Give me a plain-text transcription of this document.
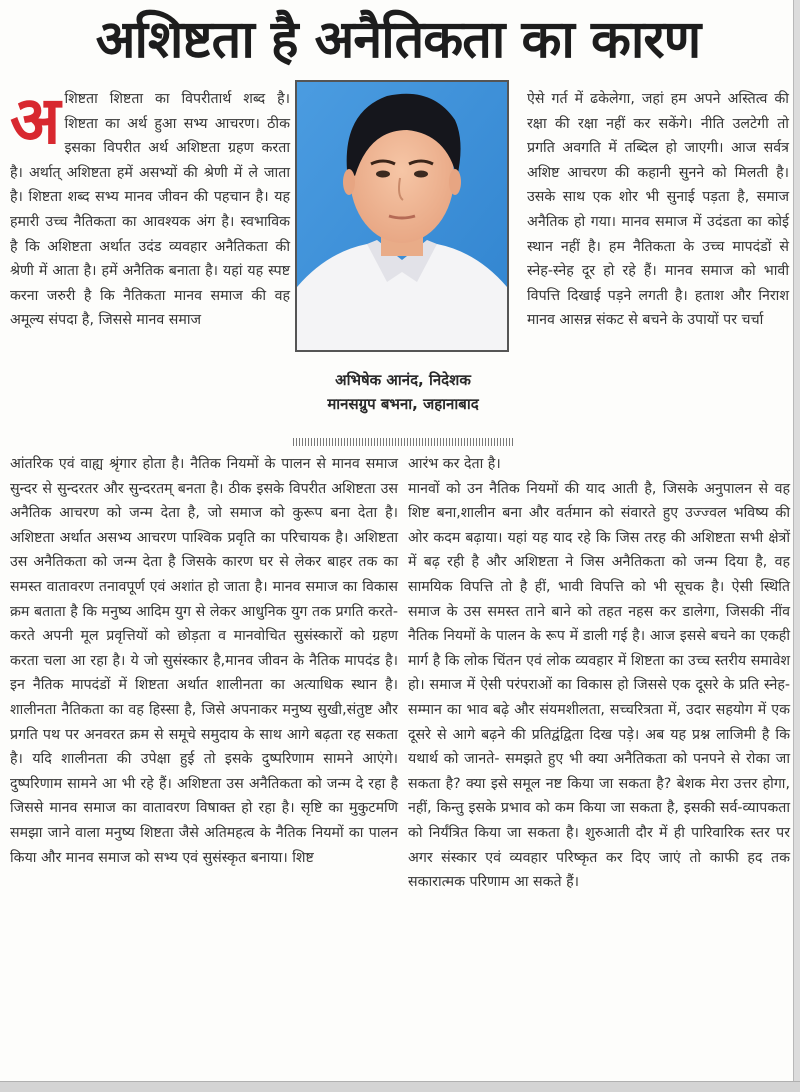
अशिष्टता है अनैतिकता का कारण

अ शिष्टता शिष्टता का विपरीतार्थ शब्द है। शिष्टता का अर्थ हुआ सभ्य आचरण। ठीक इसका विपरीत अर्थ अशिष्टता ग्रहण करता है। अर्थात् अशिष्टता हमें असभ्यों की श्रेणी में ले जाता है। शिष्टता शब्द सभ्य मानव जीवन की पहचान है। यह हमारी उच्च नैतिकता का आवश्यक अंग है। स्वभाविक है कि अशिष्टता अर्थात उदंड व्यवहार अनैतिकता की श्रेणी में आता है। हमें अनैतिक बनाता है। यहां यह स्पष्ट करना जरुरी है कि नैतिकता मानव समाज की वह अमूल्य संपदा है, जिससे मानव समाज

अभिषेक आनंद, निदेशक
मानसग्रुप बभना, जहानाबाद

ऐसे गर्त में ढकेलेगा, जहां हम अपने अस्तित्व की रक्षा की रक्षा नहीं कर सकेंगे। नीति उलटेगी तो प्रगति अवगति में तब्दिल हो जाएगी। आज सर्वत्र अशिष्ट आचरण की कहानी सुनने को मिलती है। उसके साथ एक शोर भी सुनाई पड़ता है, समाज अनैतिक हो गया। मानव समाज में उदंडता का कोई स्थान नहीं है। हम नैतिकता के उच्च मापदंडों से स्नेह-स्नेह दूर हो रहे हैं। मानव समाज को भावी विपत्ति दिखाई पड़ने लगती है। हताश और निराश मानव आसन्न संकट से बचने के उपायों पर चर्चा

आंतरिक एवं वाह्य श्रृंगार होता है। नैतिक नियमों के पालन से मानव समाज सुन्दर से सुन्दरतर और सुन्दरतम् बनता है। ठीक इसके विपरीत अशिष्टता उस अनैतिक आचरण को जन्म देता है, जो समाज को कुरूप बना देता है। अशिष्टता अर्थात असभ्य आचरण पाश्विक प्रवृति का परिचायक है। अशिष्टता उस अनैतिकता को जन्म देता है जिसके कारण घर से लेकर बाहर तक का समस्त वातावरण तनावपूर्ण एवं अशांत हो जाता है। मानव समाज का विकास क्रम बताता है कि मनुष्य आदिम युग से लेकर आधुनिक युग तक प्रगति करते-करते अपनी मूल प्रवृत्तियों को छोड़ता व मानवोचित सुसंस्कारों को ग्रहण करता चला आ रहा है। ये जो सुसंस्कार है,मानव जीवन के नैतिक मापदंड है। इन नैतिक मापदंडों में शिष्टता अर्थात शालीनता का अत्याधिक स्थान है। शालीनता नैतिकता का वह हिस्सा है, जिसे अपनाकर मनुष्य सुखी,संतुष्ट और प्रगति पथ पर अनवरत क्रम से समूचे समुदाय के साथ आगे बढ़ता रह सकता है। यदि शालीनता की उपेक्षा हुई तो इसके दुष्परिणाम सामने आएंगे। दुष्परिणाम सामने आ भी रहे हैं। अशिष्टता उस अनैतिकता को जन्म दे रहा है जिससे मानव समाज का वातावरण विषाक्त हो रहा है। सृष्टि का मुकुटमणि समझा जाने वाला मनुष्य शिष्टता जैसे अतिमहत्व के नैतिक नियमों का पालन किया और मानव समाज को सभ्य एवं सुसंस्कृत बनाया। शिष्ट

आरंभ कर देता है।

मानवों को उन नैतिक नियमों की याद आती है, जिसके अनुपालन से वह शिष्ट बना,शालीन बना और वर्तमान को संवारते हुए उज्ज्वल भविष्य की ओर कदम बढ़ाया। यहां यह याद रहे कि जिस तरह की अशिष्टता सभी क्षेत्रों में बढ़ रही है और अशिष्टता ने जिस अनैतिकता को जन्म दिया है, वह सामयिक विपत्ति तो है हीं, भावी विपत्ति को भी सूचक है। ऐसी स्थिति समाज के उस समस्त ताने बाने को तहत नहस कर डालेगा, जिसकी नींव नैतिक नियमों के पालन के रूप में डाली गई है। आज इससे बचने का एकही मार्ग है कि लोक चिंतन एवं लोक व्यवहार में शिष्टता का उच्च स्तरीय समावेश हो। समाज में ऐसी परंपराओं का विकास हो जिससे एक दूसरे के प्रति स्नेह-सम्मान का भाव बढ़े और संयमशीलता, सच्चरित्रता में, उदार सहयोग में एक दूसरे से आगे बढ़ने की प्रतिद्वंद्विता दिख पड़े। अब यह प्रश्न लाजिमी है कि यथार्थ को जानते- समझते हुए भी क्या अनैतिकता को पनपने से रोका जा सकता है? क्या इसे समूल नष्ट किया जा सकता है? बेशक मेरा उत्तर होगा, नहीं, किन्तु इसके प्रभाव को कम किया जा सकता है, इसकी सर्व-व्यापकता को निर्यंत्रित किया जा सकता है। शुरुआती दौर में ही पारिवारिक स्तर पर अगर संस्कार एवं व्यवहार परिष्कृत कर दिए जाएं तो काफी हद तक सकारात्मक परिणाम आ सकते हैं।
